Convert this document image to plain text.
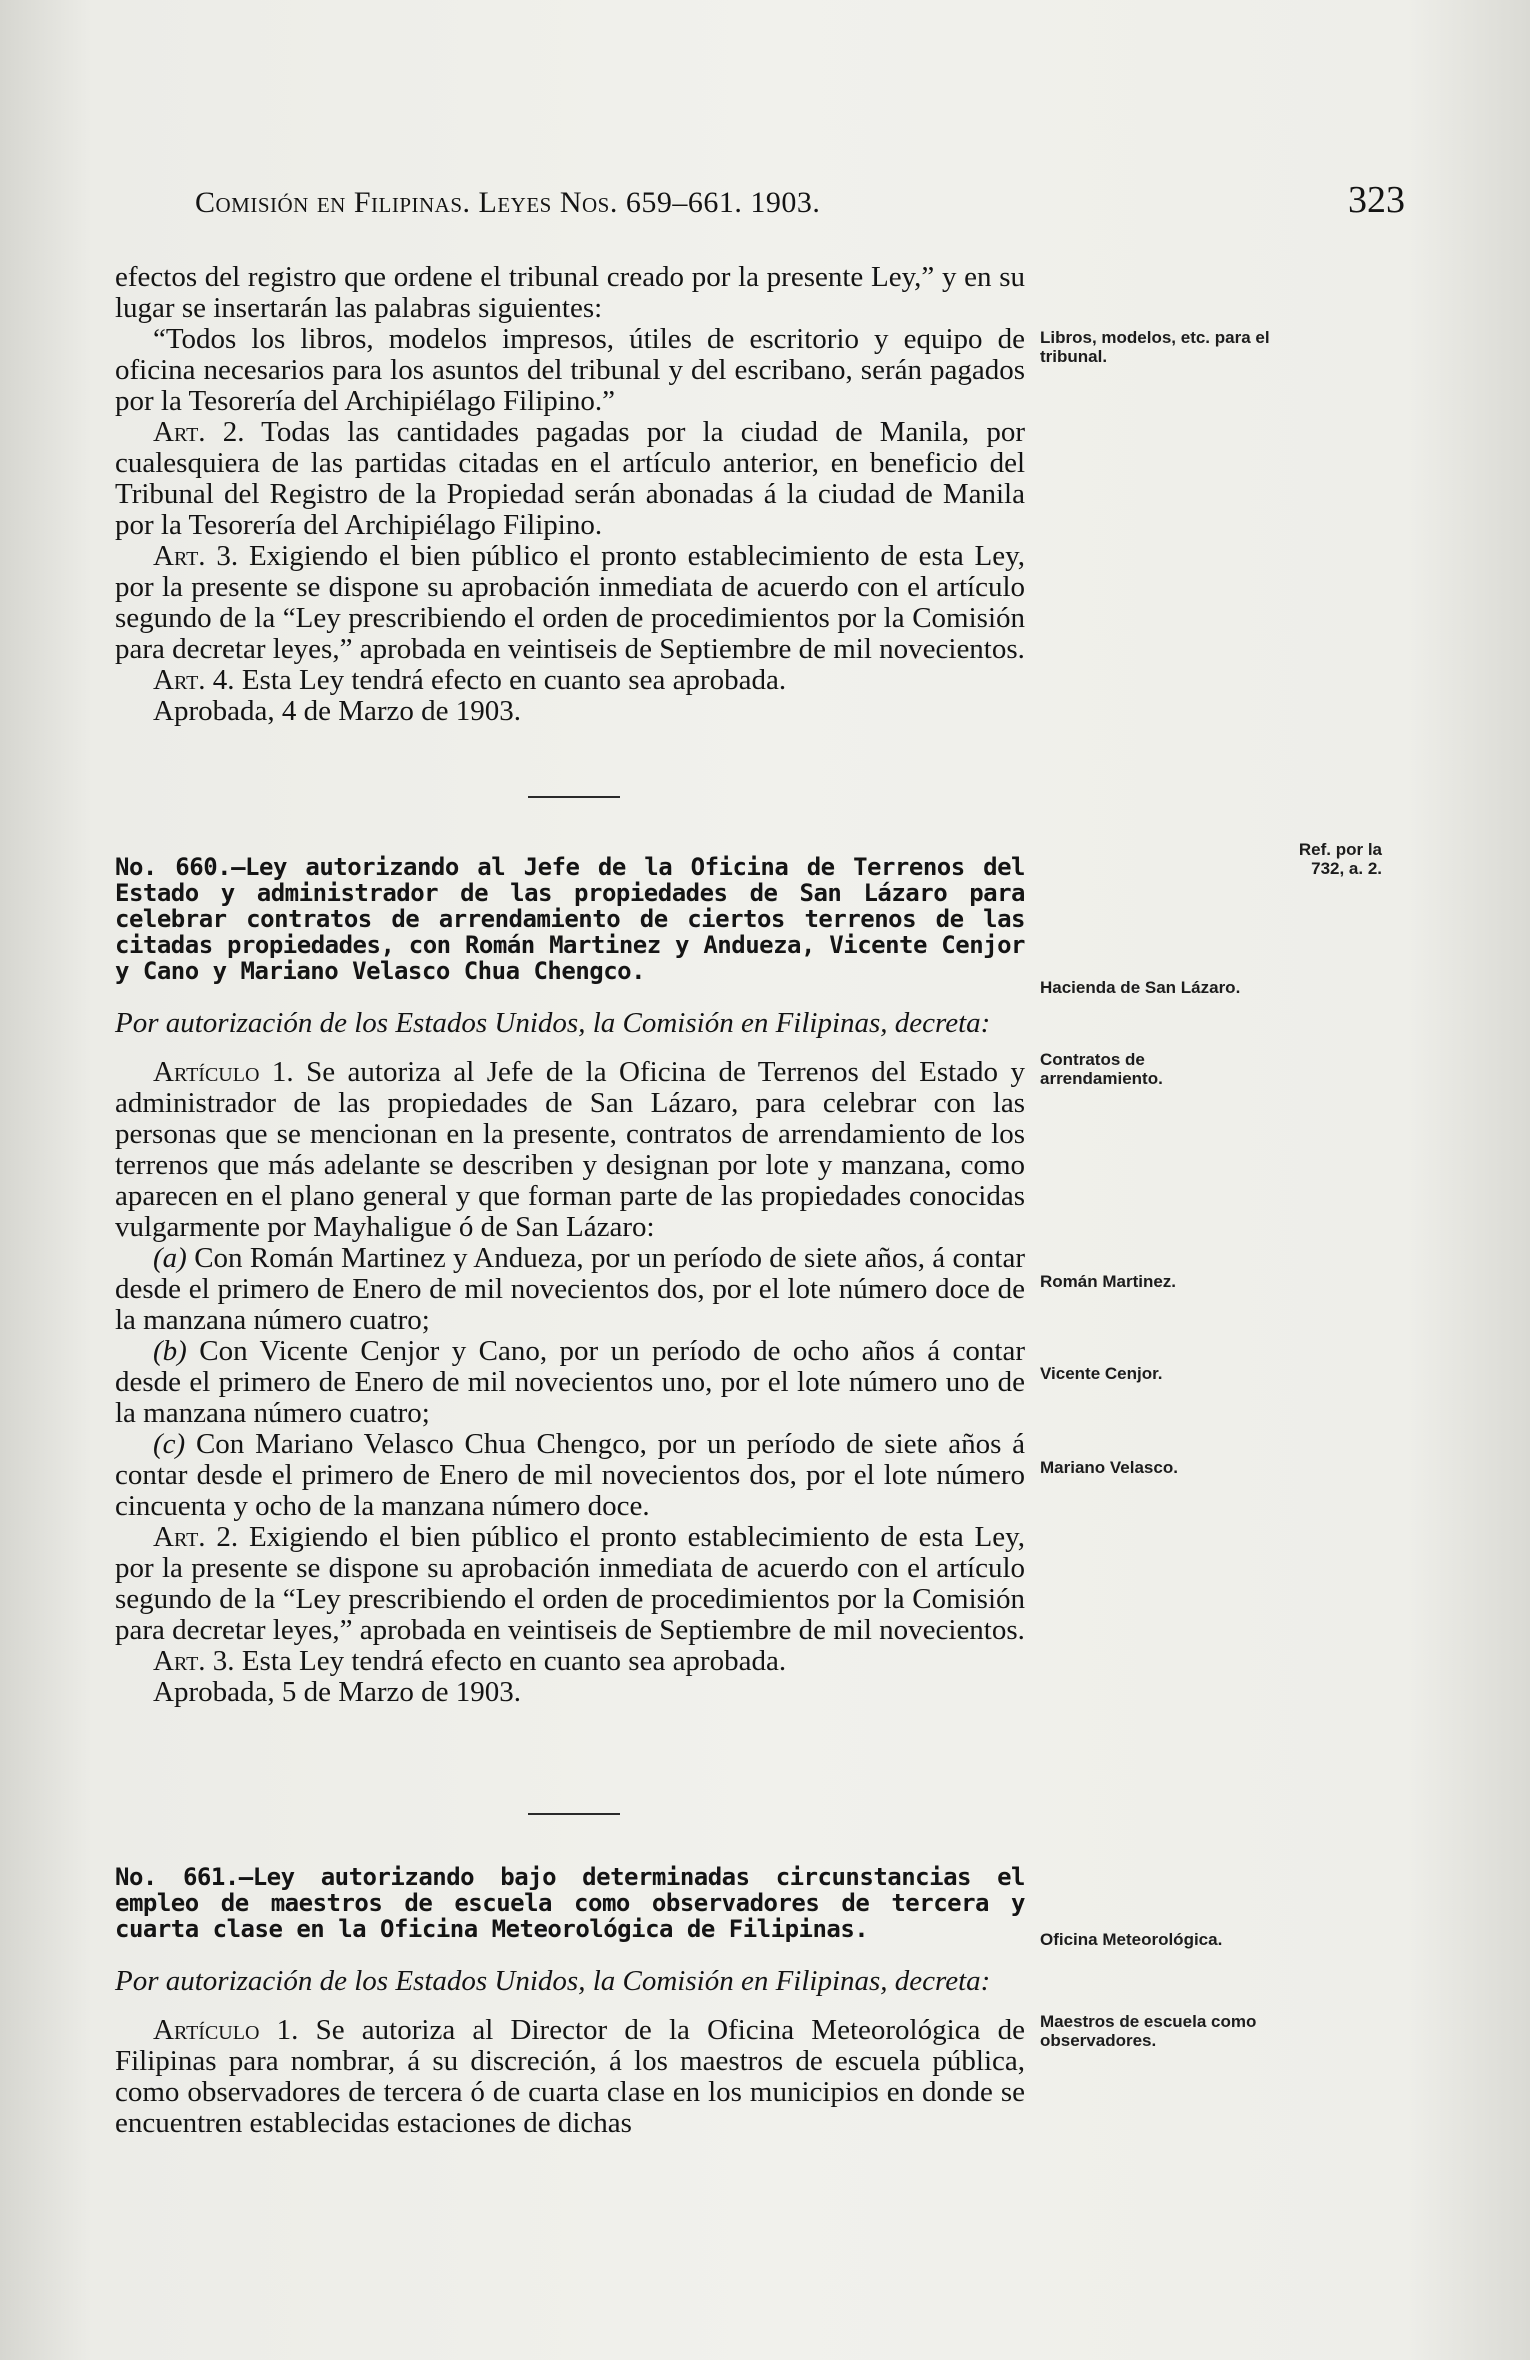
Comisión en Filipinas. Leyes Nos. 659–661. 1903.	323

efectos del registro que ordene el tribunal creado por la presente Ley,” y en su lugar se insertarán las palabras siguientes:

“Todos los libros, modelos impresos, útiles de escritorio y equipo de oficina necesarios para los asuntos del tribunal y del escribano, serán pagados por la Tesorería del Archipiélago Filipino.”

Art. 2. Todas las cantidades pagadas por la ciudad de Manila, por cualesquiera de las partidas citadas en el artículo anterior, en beneficio del Tribunal del Registro de la Propiedad serán abonadas á la ciudad de Manila por la Tesorería del Archipiélago Filipino.

Art. 3. Exigiendo el bien público el pronto establecimiento de esta Ley, por la presente se dispone su aprobación inmediata de acuerdo con el artículo segundo de la “Ley prescribiendo el orden de procedimientos por la Comisión para decretar leyes,” aprobada en veintiseis de Septiembre de mil novecientos.

Art. 4. Esta Ley tendrá efecto en cuanto sea aprobada.

Aprobada, 4 de Marzo de 1903.

No. 660.—Ley autorizando al Jefe de la Oficina de Terrenos del Estado y administrador de las propiedades de San Lázaro para celebrar contratos de arrendamiento de ciertos terrenos de las citadas propiedades, con Román Martinez y Andueza, Vicente Cenjor y Cano y Mariano Velasco Chua Chengco.

Por autorización de los Estados Unidos, la Comisión en Filipinas, decreta:

Artículo 1. Se autoriza al Jefe de la Oficina de Terrenos del Estado y administrador de las propiedades de San Lázaro, para celebrar con las personas que se mencionan en la presente, contratos de arrendamiento de los terrenos que más adelante se describen y designan por lote y manzana, como aparecen en el plano general y que forman parte de las propiedades conocidas vulgarmente por Mayhaligue ó de San Lázaro:

(a) Con Román Martinez y Andueza, por un período de siete años, á contar desde el primero de Enero de mil novecientos dos, por el lote número doce de la manzana número cuatro;

(b) Con Vicente Cenjor y Cano, por un período de ocho años á contar desde el primero de Enero de mil novecientos uno, por el lote número uno de la manzana número cuatro;

(c) Con Mariano Velasco Chua Chengco, por un período de siete años á contar desde el primero de Enero de mil novecientos dos, por el lote número cincuenta y ocho de la manzana número doce.

Art. 2. Exigiendo el bien público el pronto establecimiento de esta Ley, por la presente se dispone su aprobación inmediata de acuerdo con el artículo segundo de la “Ley prescribiendo el orden de procedimientos por la Comisión para decretar leyes,” aprobada en veintiseis de Septiembre de mil novecientos.

Art. 3. Esta Ley tendrá efecto en cuanto sea aprobada.

Aprobada, 5 de Marzo de 1903.

No. 661.—Ley autorizando bajo determinadas circunstancias el empleo de maestros de escuela como observadores de tercera y cuarta clase en la Oficina Meteorológica de Filipinas.

Por autorización de los Estados Unidos, la Comisión en Filipinas, decreta:

Artículo 1. Se autoriza al Director de la Oficina Meteorológica de Filipinas para nombrar, á su discreción, á los maestros de escuela pública, como observadores de tercera ó de cuarta clase en los municipios en donde se encuentren establecidas estaciones de dichas

Libros, modelos, etc. para el tribunal.
Ref. por la 732, a. 2.
Hacienda de San Lázaro.
Contratos de arrendamiento.
Román Martinez.
Vicente Cenjor.
Mariano Velasco.
Oficina Meteorológica.
Maestros de escuela como observadores.
